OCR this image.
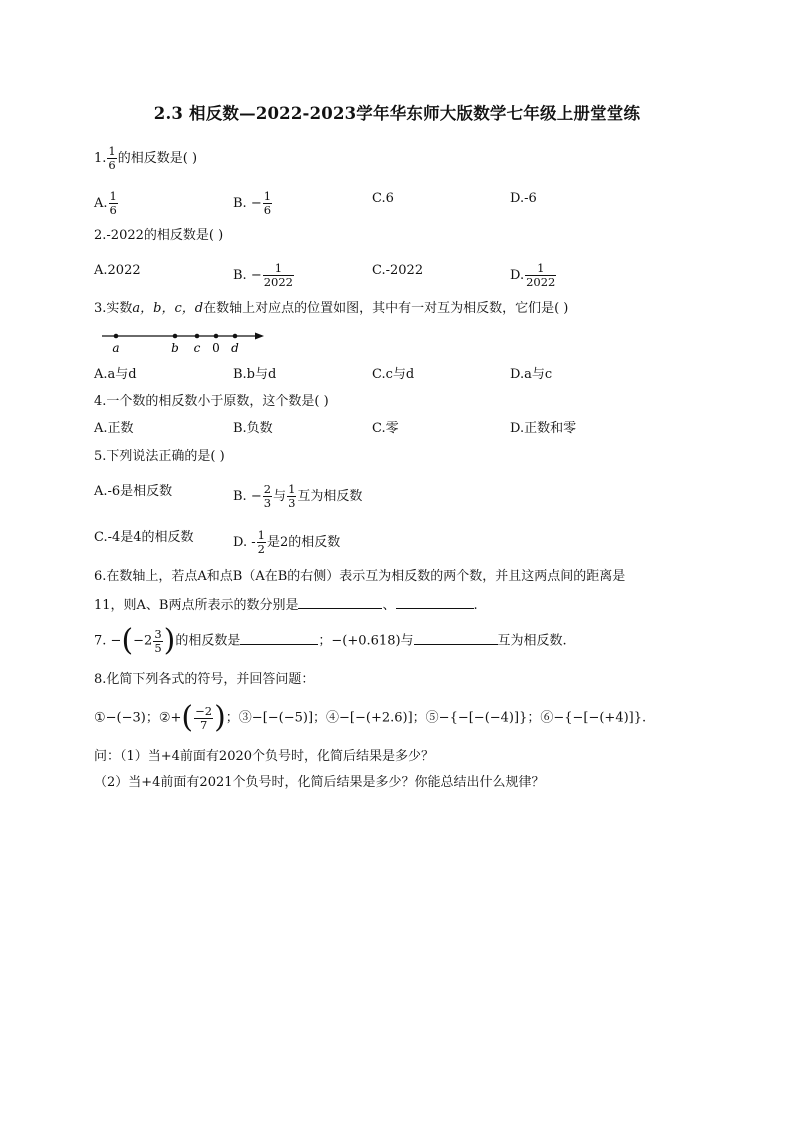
2.3 相反数—2022-2023学年华东师大版数学七年级上册堂堂练
1. $\frac{1}{6}$ 的相反数是( )
A. $\frac{1}{6}$	B. − $\frac{1}{6}$	C.6	D.-6
2.-2022的相反数是( )
A.2022	B. − $\frac{1}{2022}$	C.-2022	D. $\frac{1}{2022}$
3.实数a，b，c，d在数轴上对应点的位置如图，其中有一对互为相反数，它们是( )
a	b c 0 d
A.a与d	B.b与d	C.c与d	D.a与c
4.一个数的相反数小于原数，这个数是( )
A.正数	B.负数	C.零	D.正数和零
5.下列说法正确的是( )
A.-6是相反数	B. − $\frac{2}{3}$ 与 $\frac{1}{3}$ 互为相反数
C.-4是4的相反数	D. - $\frac{1}{2}$ 是2的相反数
6.在数轴上，若点A和点B（A在B的右侧）表示互为相反数的两个数，并且这两点间的距离是
11，则A、B两点所表示的数分别是	、	.
7. $-(-2 \frac{3}{5}$ )的相反数是	；−(+0.618)与	互为相反数.
8.化简下列各式的符号，并回答问题：
①−(−3)；②+( $\frac{-2}{7}$ )；③−[−(−5)]；④−[−(+2.6)]；⑤−{−[−(−4)]}；⑥−{−[−(+4)]}.
问：（1）当+4前面有2020个负号时，化简后结果是多少？
（2）当+4前面有2021个负号时，化简后结果是多少？你能总结出什么规律？
